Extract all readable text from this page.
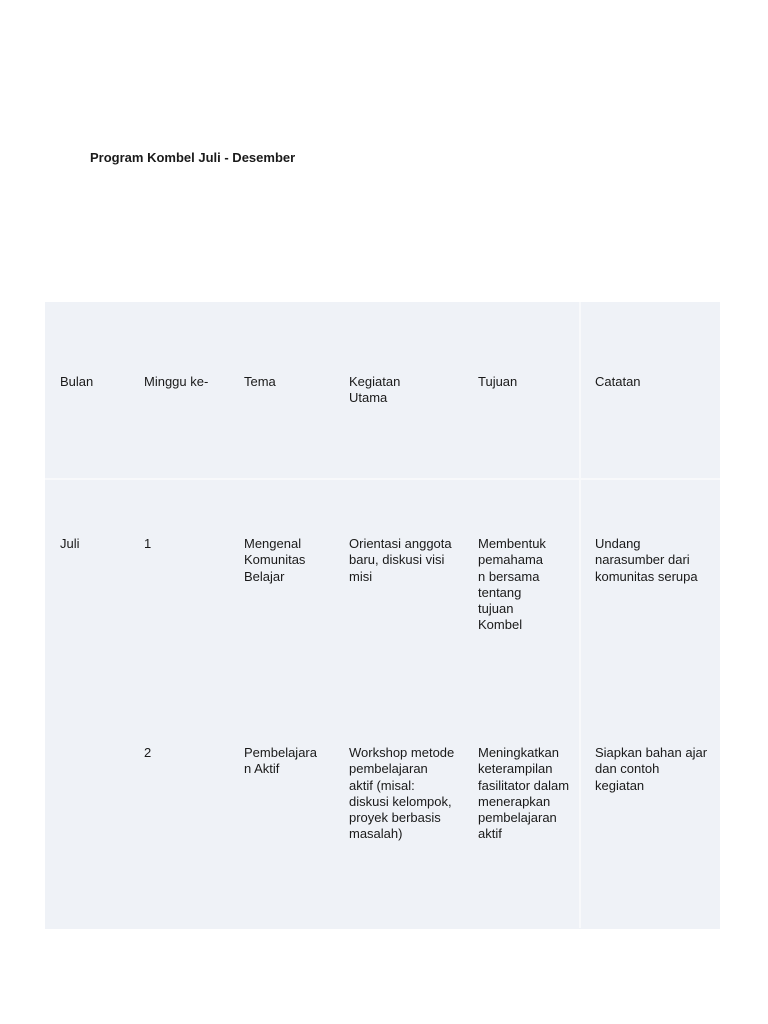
Program Kombel Juli - Desember
Bulan	Minggu ke-	Tema	Kegiatan Utama	Tujuan	Catatan
Juli	1	Mengenal Komunitas Belajar	Orientasi anggota baru, diskusi visi misi	Membentuk pemahaman bersama tentang tujuan Kombel	Undang narasumber dari komunitas serupa
	2	Pembelajaran Aktif	Workshop metode pembelajaran aktif (misal: diskusi kelompok, proyek berbasis masalah)	Meningkatkan keterampilan fasilitator dalam menerapkan pembelajaran aktif	Siapkan bahan ajar dan contoh kegiatan
